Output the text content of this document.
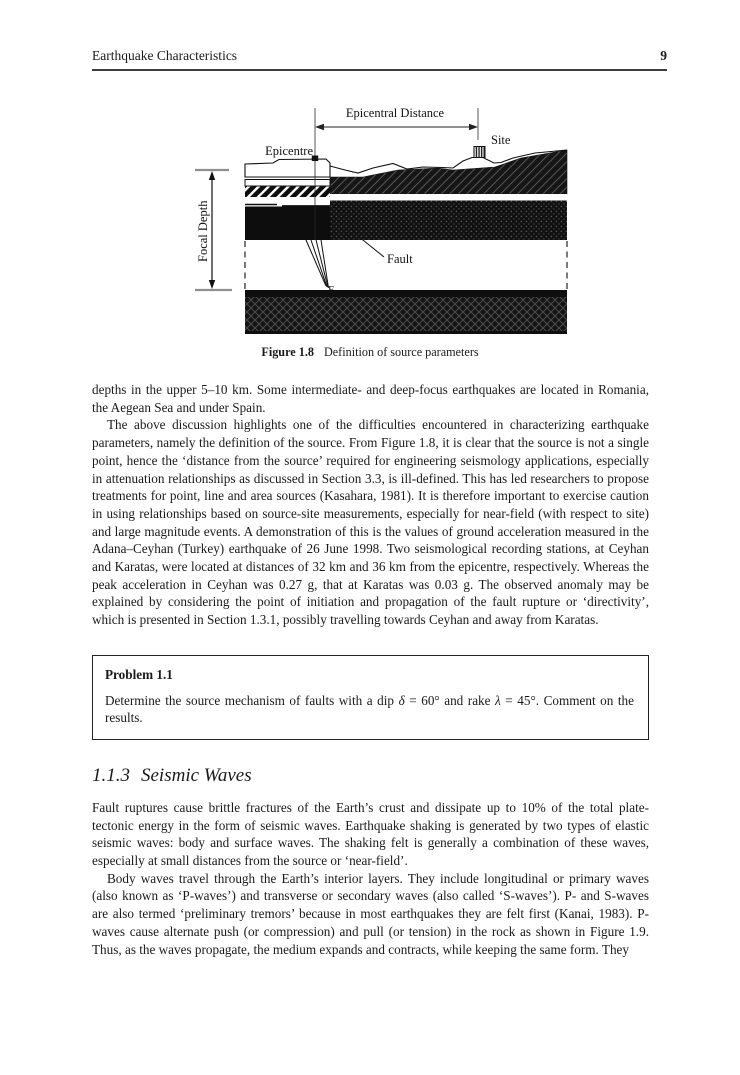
Earthquake Characteristics	9
Epicentral Distance
Focal Depth	Fault
Epicentre
Site
Figure 1.8 Definition of source parameters

depths in the upper 5–10 km. Some intermediate- and deep-focus earthquakes are located in Romania, the Aegean Sea and under Spain.

The above discussion highlights one of the difficulties encountered in characterizing earthquake parameters, namely the definition of the source. From Figure 1.8, it is clear that the source is not a single point, hence the ‘distance from the source’ required for engineering seismology applications, especially in attenuation relationships as discussed in Section 3.3, is ill-defined. This has led researchers to propose treatments for point, line and area sources (Kasahara, 1981). It is therefore important to exercise caution in using relationships based on source-site measurements, especially for near-field (with respect to site) and large magnitude events. A demonstration of this is the values of ground acceleration measured in the Adana–Ceyhan (Turkey) earthquake of 26 June 1998. Two seismological recording stations, at Ceyhan and Karatas, were located at distances of 32 km and 36 km from the epicentre, respectively. Whereas the peak acceleration in Ceyhan was 0.27 g, that at Karatas was 0.03 g. The observed anomaly may be explained by considering the point of initiation and propagation of the fault rupture or ‘directivity’, which is presented in Section 1.3.1, possibly travelling towards Ceyhan and away from Karatas.

Problem 1.1
Determine the source mechanism of faults with a dip δ = 60° and rake λ = 45°. Comment on the results.
1.1.3 Seismic Waves

Fault ruptures cause brittle fractures of the Earth’s crust and dissipate up to 10% of the total plate-tectonic energy in the form of seismic waves. Earthquake shaking is generated by two types of elastic seismic waves: body and surface waves. The shaking felt is generally a combination of these waves, especially at small distances from the source or ‘near-field’.

Body waves travel through the Earth’s interior layers. They include longitudinal or primary waves (also known as ‘P-waves’) and transverse or secondary waves (also called ‘S-waves’). P- and S-waves are also termed ‘preliminary tremors’ because in most earthquakes they are felt first (Kanai, 1983). P-waves cause alternate push (or compression) and pull (or tension) in the rock as shown in Figure 1.9. Thus, as the waves propagate, the medium expands and contracts, while keeping the same form. They
